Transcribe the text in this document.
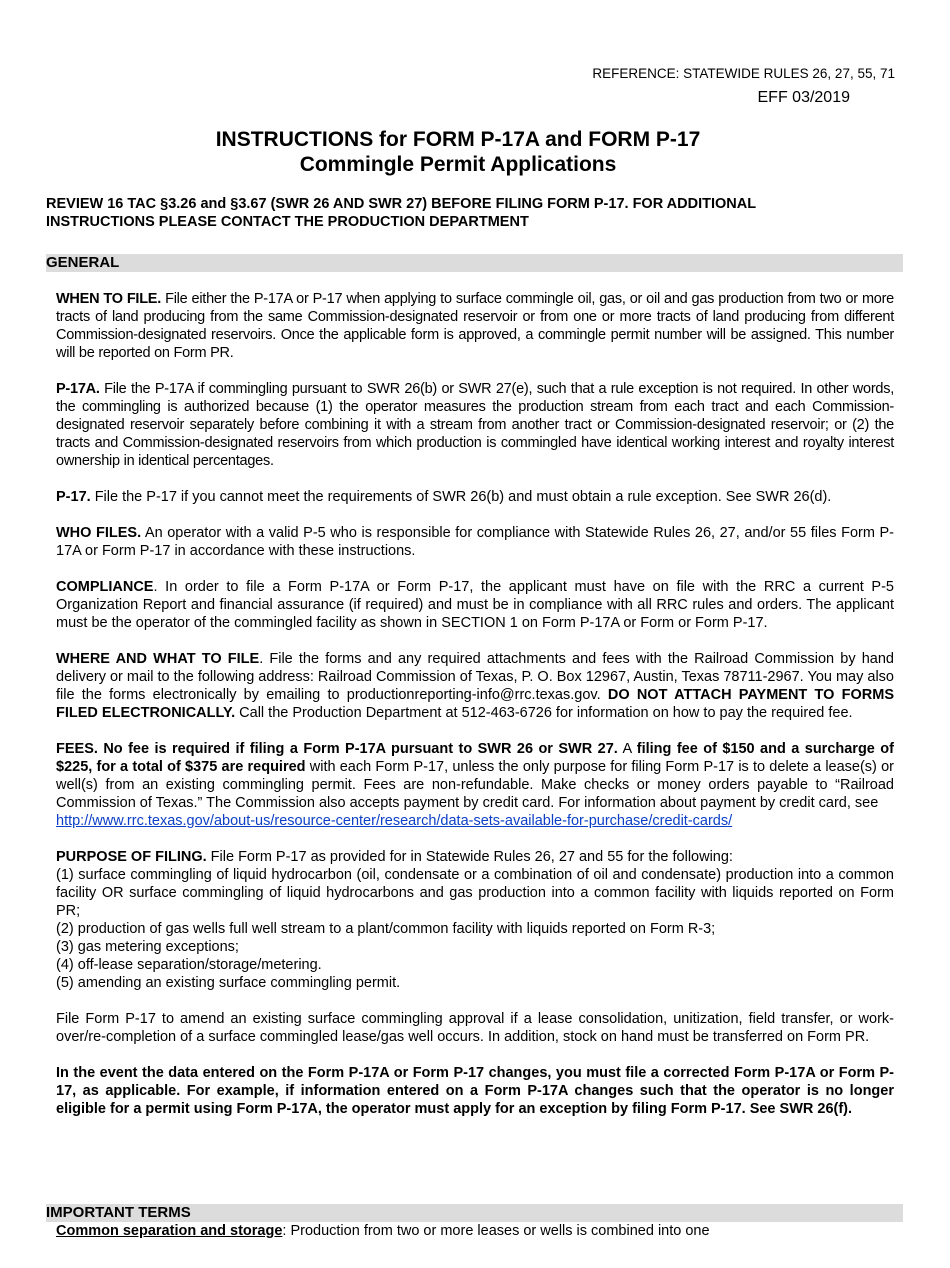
REFERENCE: STATEWIDE RULES 26, 27, 55, 71
EFF 03/2019
INSTRUCTIONS for FORM P-17A and FORM P-17
Commingle Permit Applications
REVIEW 16 TAC §3.26 and §3.67 (SWR 26 AND SWR 27) BEFORE FILING FORM P-17. FOR ADDITIONAL INSTRUCTIONS PLEASE CONTACT THE PRODUCTION DEPARTMENT
GENERAL

WHEN TO FILE. File either the P-17A or P-17 when applying to surface commingle oil, gas, or oil and gas production from two or more tracts of land producing from the same Commission-designated reservoir or from one or more tracts of land producing from different Commission-designated reservoirs. Once the applicable form is approved, a commingle permit number will be assigned. This number will be reported on Form PR.

P-17A. File the P-17A if commingling pursuant to SWR 26(b) or SWR 27(e), such that a rule exception is not required. In other words, the commingling is authorized because (1) the operator measures the production stream from each tract and each Commission-designated reservoir separately before combining it with a stream from another tract or Commission-designated reservoir; or (2) the tracts and Commission-designated reservoirs from which production is commingled have identical working interest and royalty interest ownership in identical percentages.

P-17. File the P-17 if you cannot meet the requirements of SWR 26(b) and must obtain a rule exception. See SWR 26(d).

WHO FILES. An operator with a valid P-5 who is responsible for compliance with Statewide Rules 26, 27, and/or 55 files Form P-17A or Form P-17 in accordance with these instructions.

COMPLIANCE. In order to file a Form P-17A or Form P-17, the applicant must have on file with the RRC a current P-5 Organization Report and financial assurance (if required) and must be in compliance with all RRC rules and orders. The applicant must be the operator of the commingled facility as shown in SECTION 1 on Form P-17A or Form or Form P-17.

WHERE AND WHAT TO FILE. File the forms and any required attachments and fees with the Railroad Commission by hand delivery or mail to the following address: Railroad Commission of Texas, P. O. Box 12967, Austin, Texas 78711-2967. You may also file the forms electronically by emailing to productionreporting-info@rrc.texas.gov. DO NOT ATTACH PAYMENT TO FORMS FILED ELECTRONICALLY. Call the Production Department at 512-463-6726 for information on how to pay the required fee.

FEES. No fee is required if filing a Form P-17A pursuant to SWR 26 or SWR 27. A filing fee of $150 and a surcharge of $225, for a total of $375 are required with each Form P-17, unless the only purpose for filing Form P-17 is to delete a lease(s) or well(s) from an existing commingling permit. Fees are non-refundable. Make checks or money orders payable to “Railroad Commission of Texas.” The Commission also accepts payment by credit card. For information about payment by credit card, see
http://www.rrc.texas.gov/about-us/resource-center/research/data-sets-available-for-purchase/credit-cards/

PURPOSE OF FILING. File Form P-17 as provided for in Statewide Rules 26, 27 and 55 for the following:
(1) surface commingling of liquid hydrocarbon (oil, condensate or a combination of oil and condensate) production into a common facility OR surface commingling of liquid hydrocarbons and gas production into a common facility with liquids reported on Form PR;
(2) production of gas wells full well stream to a plant/common facility with liquids reported on Form R-3;
(3) gas metering exceptions;
(4) off-lease separation/storage/metering.
(5) amending an existing surface commingling permit.

File Form P-17 to amend an existing surface commingling approval if a lease consolidation, unitization, field transfer, or work-over/re-completion of a surface commingled lease/gas well occurs. In addition, stock on hand must be transferred on Form PR.

In the event the data entered on the Form P-17A or Form P-17 changes, you must file a corrected Form P-17A or Form P-17, as applicable. For example, if information entered on a Form P-17A changes such that the operator is no longer eligible for a permit using Form P-17A, the operator must apply for an exception by filing Form P-17. See SWR 26(f).

IMPORTANT TERMS
Common separation and storage: Production from two or more leases or wells is combined into one
